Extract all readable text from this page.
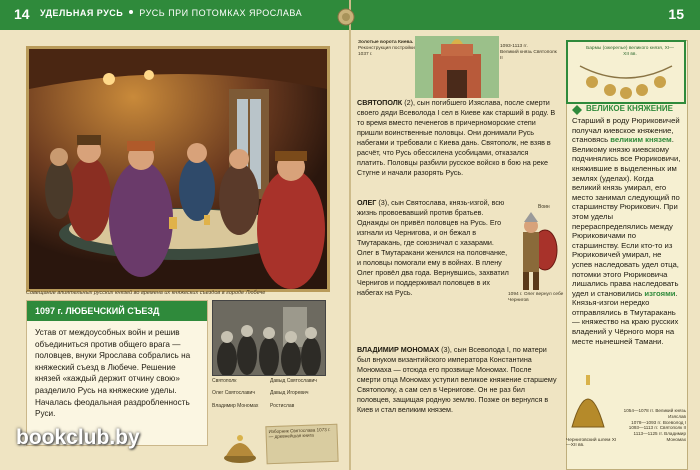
14 УДЕЛЬНАЯ РУСЬ РУСЬ ПРИ ПОТОМКАХ ЯРОСЛАВА	15
Совещание влиятельных русских князей во времена их княжеских съездов в городе Любече
1097 г. ЛЮБЕЧСКИЙ СЪЕЗД
Устав от междоусобных войн и решив объединиться против общего врага — половцев, внуки Ярослава собрались на княжеский съезд в Любече. Решение князей «каждый держит отчину свою» разделило Русь на княжеские уделы. Началась феодальная раздробленность Руси.
Святополк	Давыд Святославич
Олег Святославич	Давыд Игоревич
Владимир Мономах	Ростислав
Изборник Святослава 1073 г. — древнейшая книга
bookclub.by
Золотые ворота Киева.
Реконструкция постройки 1037 г.
1093-1113 гг.
Великий князь Святополк II

СВЯТОПОЛК (2), сын погибшего Изяслава, после смерти своего дяди Всеволода I сел в Киеве как старший в роду. В то время вместо печенегов в причерноморские степи пришли воинственные половцы. Они донимали Русь набегами и требовали с Киева дань. Святополк, не взяв в расчёт, что Русь обессилена усобицами, отказался платить. Половцы разбили русское войско в бою на реке Стугне и начали разорять Русь.

ОЛЕГ (3), сын Святослава, князь-изгой, всю жизнь провоевавший против братьев. Однажды он привёл половцев на Русь. Его изгнали из Чернигова, и он бежал в Тмутаракань, где союзничал с хазарами. Олег в Тмутаракани женился на половчанке, и половцы помогали ему в войнах. В плену Олег провёл два года. Вернувшись, захватил Чернигов и поддерживал половцев в их набегах на Русь.

Воин
1094 г. Олег вернул себе Чернигов

ВЛАДИМИР МОНОМАХ (3), сын Всеволода I, по матери был внуком византийского императора Константина Мономаха — отсюда его прозвище Мономах. После смерти отца Мономах уступил великое княжение старшему Святополку, а сам сел в Чернигове. Он не раз бил половцев, защищая родную землю. Позже он вернулся в Киев и стал великим князем.

Бармы (ожерелье) великого князя, XI—XII вв.
ВЕЛИКОЕ КНЯЖЕНИЕ
Старший в роду Рюриковичей получал киевское княжение, становясь великим князем. Великому князю киевскому подчинялись все Рюриковичи, княжившие в выделенных им землях (уделах). Когда великий князь умирал, его место занимал следующий по старшинству Рюрикович. При этом уделы перераспределялись между Рюриковичами по старшинству. Если кто-то из Рюриковичей умирал, не успев наследовать удел отца, потомки этого Рюриковича лишались права наследовать удел и становились изгоями. Князья-изгои нередко отправлялись в Тмутаракань — княжество на краю русских владений у Чёрного моря на месте нынешней Тамани.
Черниговский шлем XI—XII вв.
1054—1078 гг. Великий князь Изяслав
1078—1093 гг. Всеволод I
1093—1113 гг. Святополк II
1113—1125 гг. Владимир Мономах
